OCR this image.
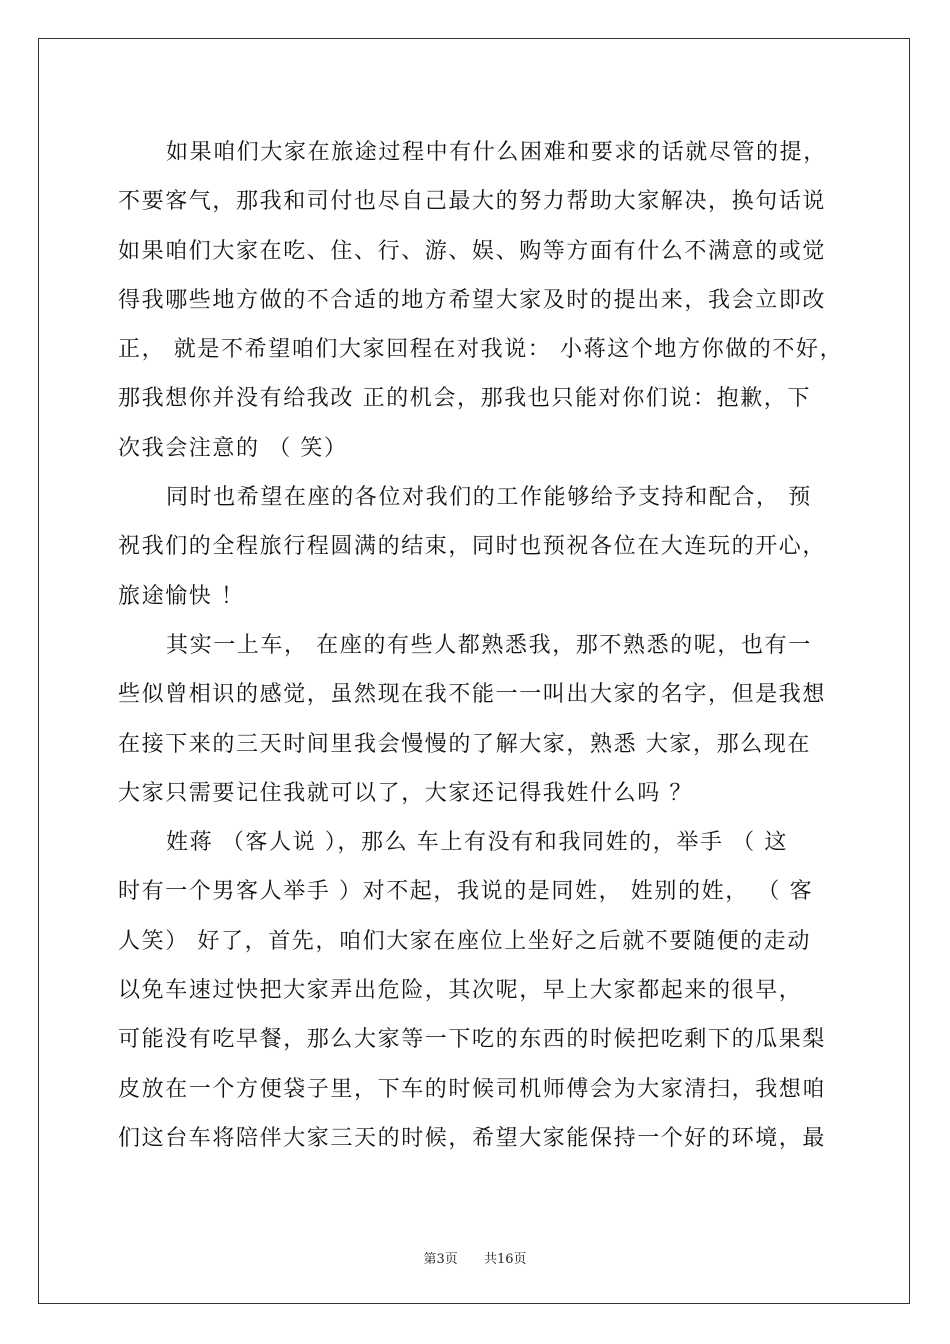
如果咱们大家在旅途过程中有什么困难和要求的话就尽管的提，
不要客气，那我和司付也尽自己最大的努力帮助大家解决，换句话说
如果咱们大家在吃、住、行、游、娱、购等方面有什么不满意的或觉
得我哪些地方做的不合适的地方希望大家及时的提出来，我会立即改
正， 就是不希望咱们大家回程在对我说： 小蒋这个地方你做的不好，
那我想你并没有给我改 正的机会，那我也只能对你们说：抱歉，下
次我会注意的 （ 笑）
同时也希望在座的各位对我们的工作能够给予支持和配合， 预
祝我们的全程旅行程圆满的结束，同时也预祝各位在大连玩的开心，
旅途愉快 ！
其实一上车， 在座的有些人都熟悉我，那不熟悉的呢，也有一
些似曾相识的感觉，虽然现在我不能一一叫出大家的名字，但是我想
在接下来的三天时间里我会慢慢的了解大家，熟悉 大家，那么现在
大家只需要记住我就可以了，大家还记得我姓什么吗 ？
姓蒋 （客人说 ），那么 车上有没有和我同姓的，举手 （ 这
时有一个男客人举手 ）对不起，我说的是同姓， 姓别的姓， （ 客
人笑） 好了，首先，咱们大家在座位上坐好之后就不要随便的走动
以免车速过快把大家弄出危险，其次呢，早上大家都起来的很早，
可能没有吃早餐，那么大家等一下吃的东西的时候把吃剩下的瓜果梨
皮放在一个方便袋子里，下车的时候司机师傅会为大家清扫，我想咱
们这台车将陪伴大家三天的时候，希望大家能保持一个好的环境，最
第3页 共16页
